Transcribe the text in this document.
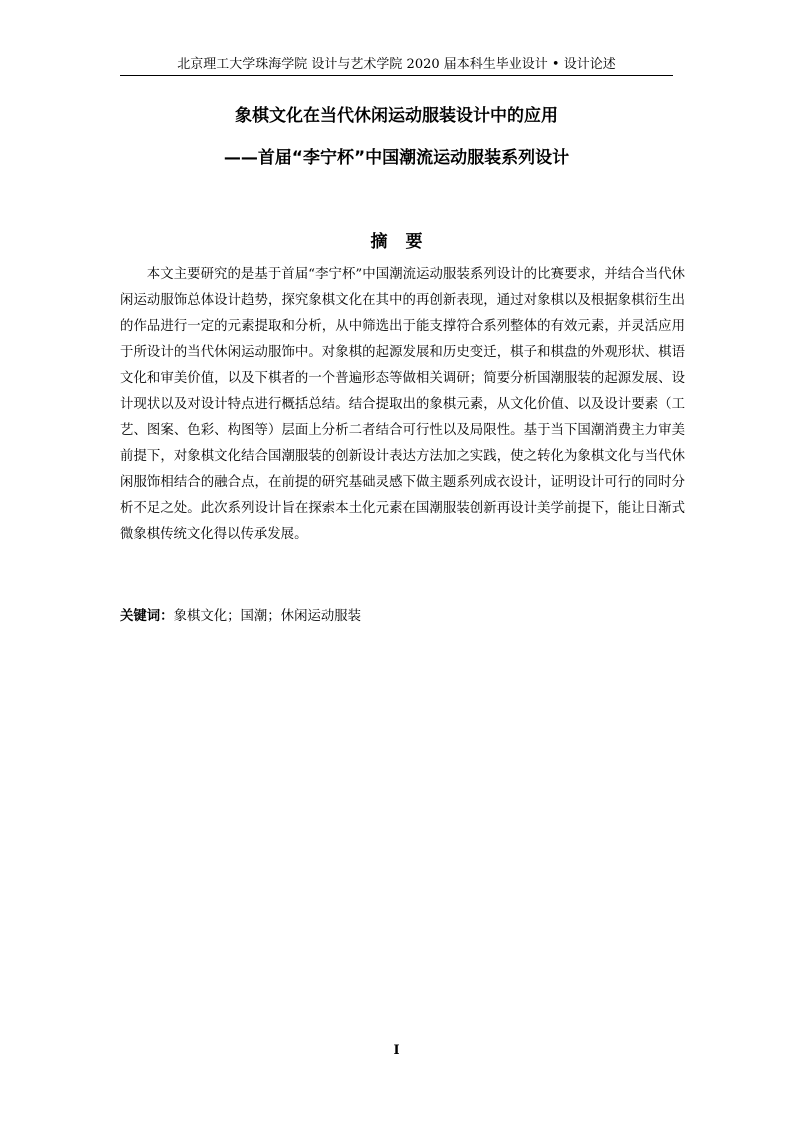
北京理工大学珠海学院 设计与艺术学院 2020 届本科生毕业设计 • 设计论述
象棋文化在当代休闲运动服装设计中的应用
——首届“李宁杯”中国潮流运动服装系列设计
摘要

本文主要研究的是基于首届“李宁杯”中国潮流运动服装系列设计的比赛要求，并结合当代休闲运动服饰总体设计趋势，探究象棋文化在其中的再创新表现，通过对象棋以及根据象棋衍生出的作品进行一定的元素提取和分析，从中筛选出于能支撑符合系列整体的有效元素，并灵活应用于所设计的当代休闲运动服饰中。对象棋的起源发展和历史变迁，棋子和棋盘的外观形状、棋语文化和审美价值，以及下棋者的一个普遍形态等做相关调研；简要分析国潮服装的起源发展、设计现状以及对设计特点进行概括总结。结合提取出的象棋元素，从文化价值、以及设计要素（工艺、图案、色彩、构图等）层面上分析二者结合可行性以及局限性。基于当下国潮消费主力审美前提下，对象棋文化结合国潮服装的创新设计表达方法加之实践，使之转化为象棋文化与当代休闲服饰相结合的融合点，在前提的研究基础灵感下做主题系列成衣设计，证明设计可行的同时分析不足之处。此次系列设计旨在探索本土化元素在国潮服装创新再设计美学前提下，能让日渐式微象棋传统文化得以传承发展。

关键词：象棋文化；国潮；休闲运动服装
I
